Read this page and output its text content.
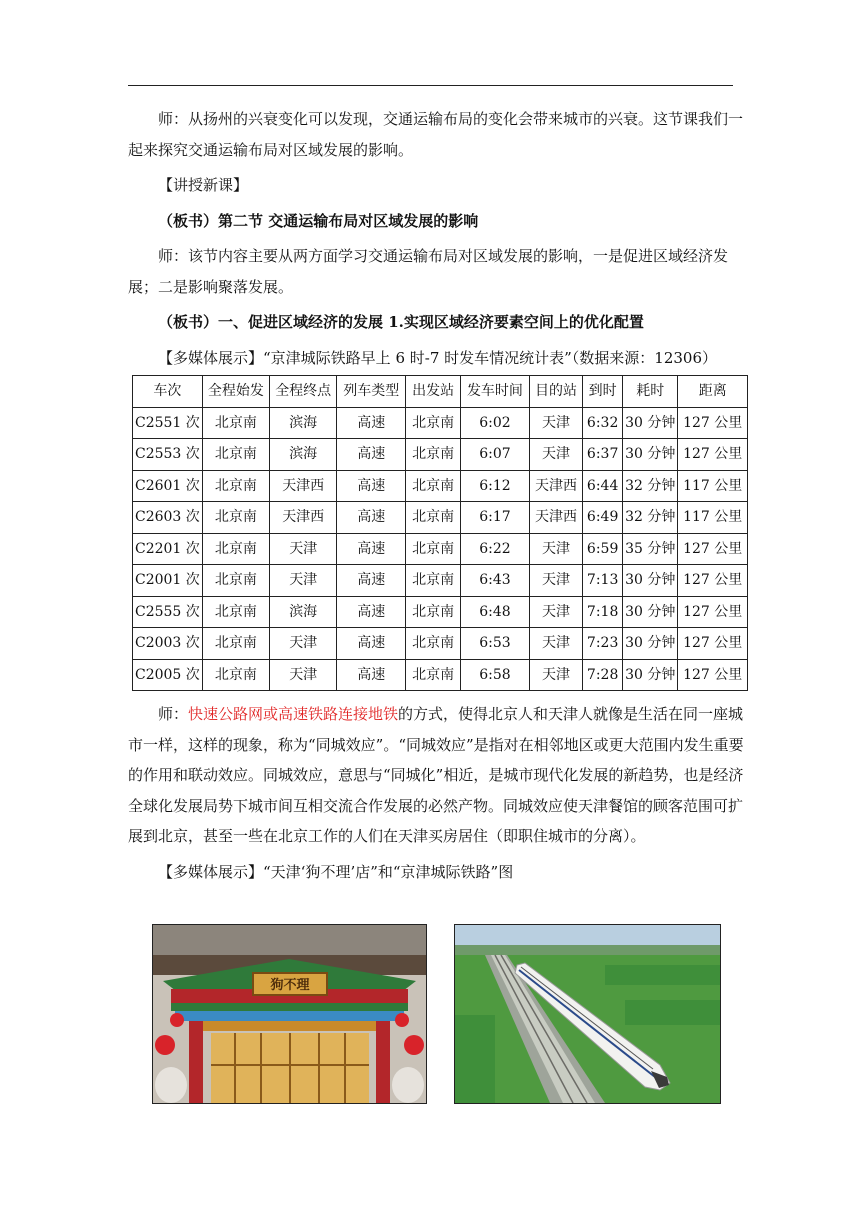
师：从扬州的兴衰变化可以发现，交通运输布局的变化会带来城市的兴衰。这节课我们一起来探究交通运输布局对区域发展的影响。

【讲授新课】

（板书）第二节 交通运输布局对区域发展的影响

师：该节内容主要从两方面学习交通运输布局对区域发展的影响，一是促进区域经济发展；二是影响聚落发展。

（板书）一、促进区域经济的发展 1.实现区域经济要素空间上的优化配置

【多媒体展示】“京津城际铁路早上 6 时-7 时发车情况统计表”（数据来源：12306）

车次	全程始发	全程终点	列车类型	出发站	发车时间	目的站	到时	耗时	距离
C2551 次	北京南	滨海	高速	北京南	6:02	天津	6:32	30 分钟	127 公里
C2553 次	北京南	滨海	高速	北京南	6:07	天津	6:37	30 分钟	127 公里
C2601 次	北京南	天津西	高速	北京南	6:12	天津西	6:44	32 分钟	117 公里
C2603 次	北京南	天津西	高速	北京南	6:17	天津西	6:49	32 分钟	117 公里
C2201 次	北京南	天津	高速	北京南	6:22	天津	6:59	35 分钟	127 公里
C2001 次	北京南	天津	高速	北京南	6:43	天津	7:13	30 分钟	127 公里
C2555 次	北京南	滨海	高速	北京南	6:48	天津	7:18	30 分钟	127 公里
C2003 次	北京南	天津	高速	北京南	6:53	天津	7:23	30 分钟	127 公里
C2005 次	北京南	天津	高速	北京南	6:58	天津	7:28	30 分钟	127 公里

师：快速公路网或高速铁路连接地铁的方式，使得北京人和天津人就像是生活在同一座城市一样，这样的现象，称为“同城效应”。“同城效应”是指对在相邻地区或更大范围内发生重要的作用和联动效应。同城效应，意思与“同城化”相近，是城市现代化发展的新趋势，也是经济全球化发展局势下城市间互相交流合作发展的必然产物。同城效应使天津餐馆的顾客范围可扩展到北京，甚至一些在北京工作的人们在天津买房居住（即职住城市的分离）。

【多媒体展示】“天津‘狗不理’店”和“京津城际铁路”图

狗不理
